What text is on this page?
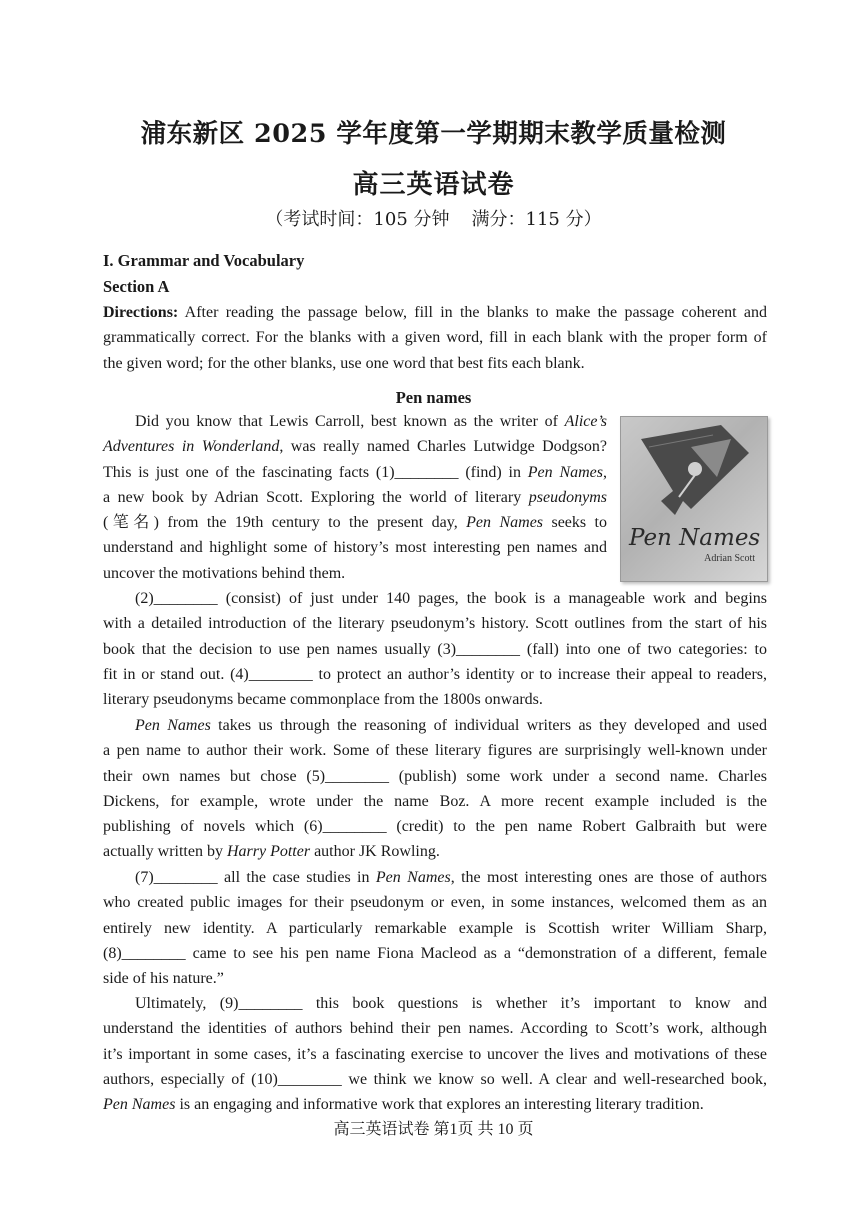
浦东新区 2025 学年度第一学期期末教学质量检测
高三英语试卷
（考试时间：105 分钟 满分：115 分）
I. Grammar and Vocabulary
Section A
Directions: After reading the passage below, fill in the blanks to make the passage coherent and
grammatically correct. For the blanks with a given word, fill in each blank with the proper form of
the given word; for the other blanks, use one word that best fits each blank.
Pen names
Pen Names
Adrian Scott
Did you know that Lewis Carroll, best known as the writer of Alice’s
Adventures in Wonderland, was really named Charles Lutwidge Dodgson?
This is just one of the fascinating facts (1)________ (find) in Pen Names,
a new book by Adrian Scott. Exploring the world of literary pseudonyms
(笔名) from the 19th century to the present day, Pen Names seeks to
understand and highlight some of history’s most interesting pen names and
uncover the motivations behind them.
(2)________ (consist) of just under 140 pages, the book is a manageable work and begins
with a detailed introduction of the literary pseudonym’s history. Scott outlines from the start of his
book that the decision to use pen names usually (3)________ (fall) into one of two categories: to
fit in or stand out. (4)________ to protect an author’s identity or to increase their appeal to readers,
literary pseudonyms became commonplace from the 1800s onwards.
Pen Names takes us through the reasoning of individual writers as they developed and used
a pen name to author their work. Some of these literary figures are surprisingly well-known under
their own names but chose (5)________ (publish) some work under a second name. Charles
Dickens, for example, wrote under the name Boz. A more recent example included is the
publishing of novels which (6)________ (credit) to the pen name Robert Galbraith but were
actually written by Harry Potter author JK Rowling.
(7)________ all the case studies in Pen Names, the most interesting ones are those of authors
who created public images for their pseudonym or even, in some instances, welcomed them as an
entirely new identity. A particularly remarkable example is Scottish writer William Sharp,
(8)________ came to see his pen name Fiona Macleod as a “demonstration of a different, female
side of his nature.”
Ultimately, (9)________ this book questions is whether it’s important to know and
understand the identities of authors behind their pen names. According to Scott’s work, although
it’s important in some cases, it’s a fascinating exercise to uncover the lives and motivations of these
authors, especially of (10)________ we think we know so well. A clear and well-researched book,
Pen Names is an engaging and informative work that explores an interesting literary tradition.
高三英语试卷 第1页 共 10 页
